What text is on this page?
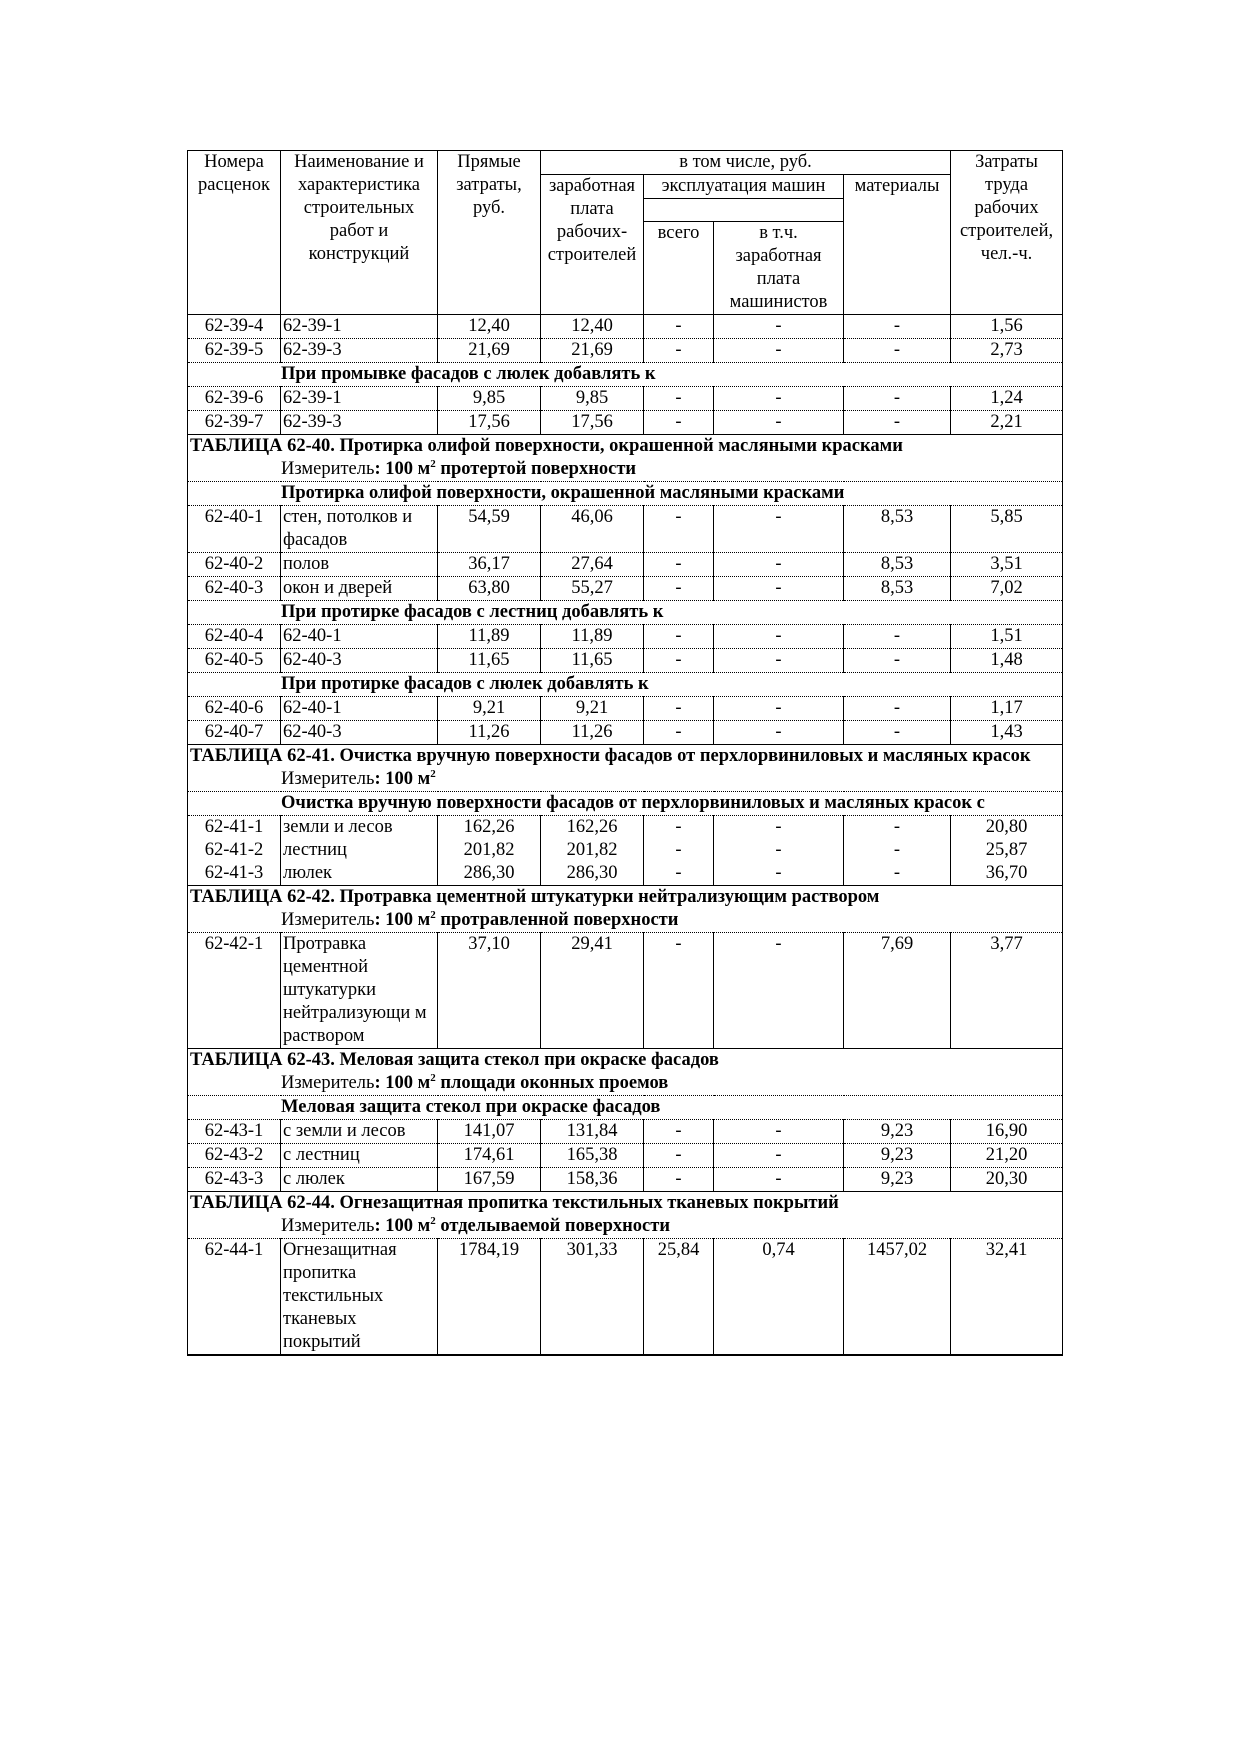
Номера расценок	Наименование и характеристика строительных работ и конструкций	Прямые затраты, руб.	в том числе, руб.				Затраты труда рабочих строителей, чел.-ч.
			заработная плата рабочих-строителей	эксплуатация машин		материалы	

				всего	в т.ч. заработная плата машинистов		
62-39-4	62-39-1	12,40	12,40	-	-	-	1,56
62-39-5	62-39-3	21,69	21,69	-	-	-	2,73
При промывке фасадов с люлек добавлять к							
62-39-6	62-39-1	9,85	9,85	-	-	-	1,24
62-39-7	62-39-3	17,56	17,56	-	-	-	2,21
ТАБЛИЦА 62-40. Протирка олифой поверхности, окрашенной масляными красками							
Измеритель: 100 $м^2$ протертой поверхности							
Протирка олифой поверхности, окрашенной масляными красками							
62-40-1	стен, потолков и фасадов	54,59	46,06	-	-	8,53	5,85
62-40-2	полов	36,17	27,64	-	-	8,53	3,51
62-40-3	окон и дверей	63,80	55,27	-	-	8,53	7,02
При протирке фасадов с лестниц добавлять к							
62-40-4	62-40-1	11,89	11,89	-	-	-	1,51
62-40-5	62-40-3	11,65	11,65	-	-	-	1,48
При протирке фасадов с люлек добавлять к							
62-40-6	62-40-1	9,21	9,21	-	-	-	1,17
62-40-7	62-40-3	11,26	11,26	-	-	-	1,43
ТАБЛИЦА 62-41. Очистка вручную поверхности фасадов от перхлорвиниловых и масляных красок							
Измеритель: 100 $м^2$
Очистка вручную поверхности фасадов от перхлорвиниловых и масляных красок с							
62-41-1	земли и лесов	162,26	162,26	-	-	-	20,80
62-41-2	лестниц	201,82	201,82	-	-	-	25,87
62-41-3	люлек	286,30	286,30	-	-	-	36,70
ТАБЛИЦА 62-42. Протравка цементной штукатурки нейтрализующим раствором							
Измеритель: 100 $м^2$ протравленной поверхности							
62-42-1	Протравка цементной штукатурки нейтрализующи м раствором	37,10	29,41	-	-	7,69	3,77
ТАБЛИЦА 62-43. Меловая защита стекол при окраске фасадов							
Измеритель: 100 $м^2$ площади оконных проемов							
Меловая защита стекол при окраске фасадов							
62-43-1	с земли и лесов	141,07	131,84	-	-	9,23	16,90
62-43-2	с лестниц	174,61	165,38	-	-	9,23	21,20
62-43-3	с люлек	167,59	158,36	-	-	9,23	20,30
ТАБЛИЦА 62-44. Огнезащитная пропитка текстильных тканевых покрытий							
Измеритель: 100 $м^2$ отделываемой поверхности							
62-44-1	Огнезащитная пропитка текстильных тканевых покрытий	1784,19	301,33	25,84	0,74	1457,02	32,41
